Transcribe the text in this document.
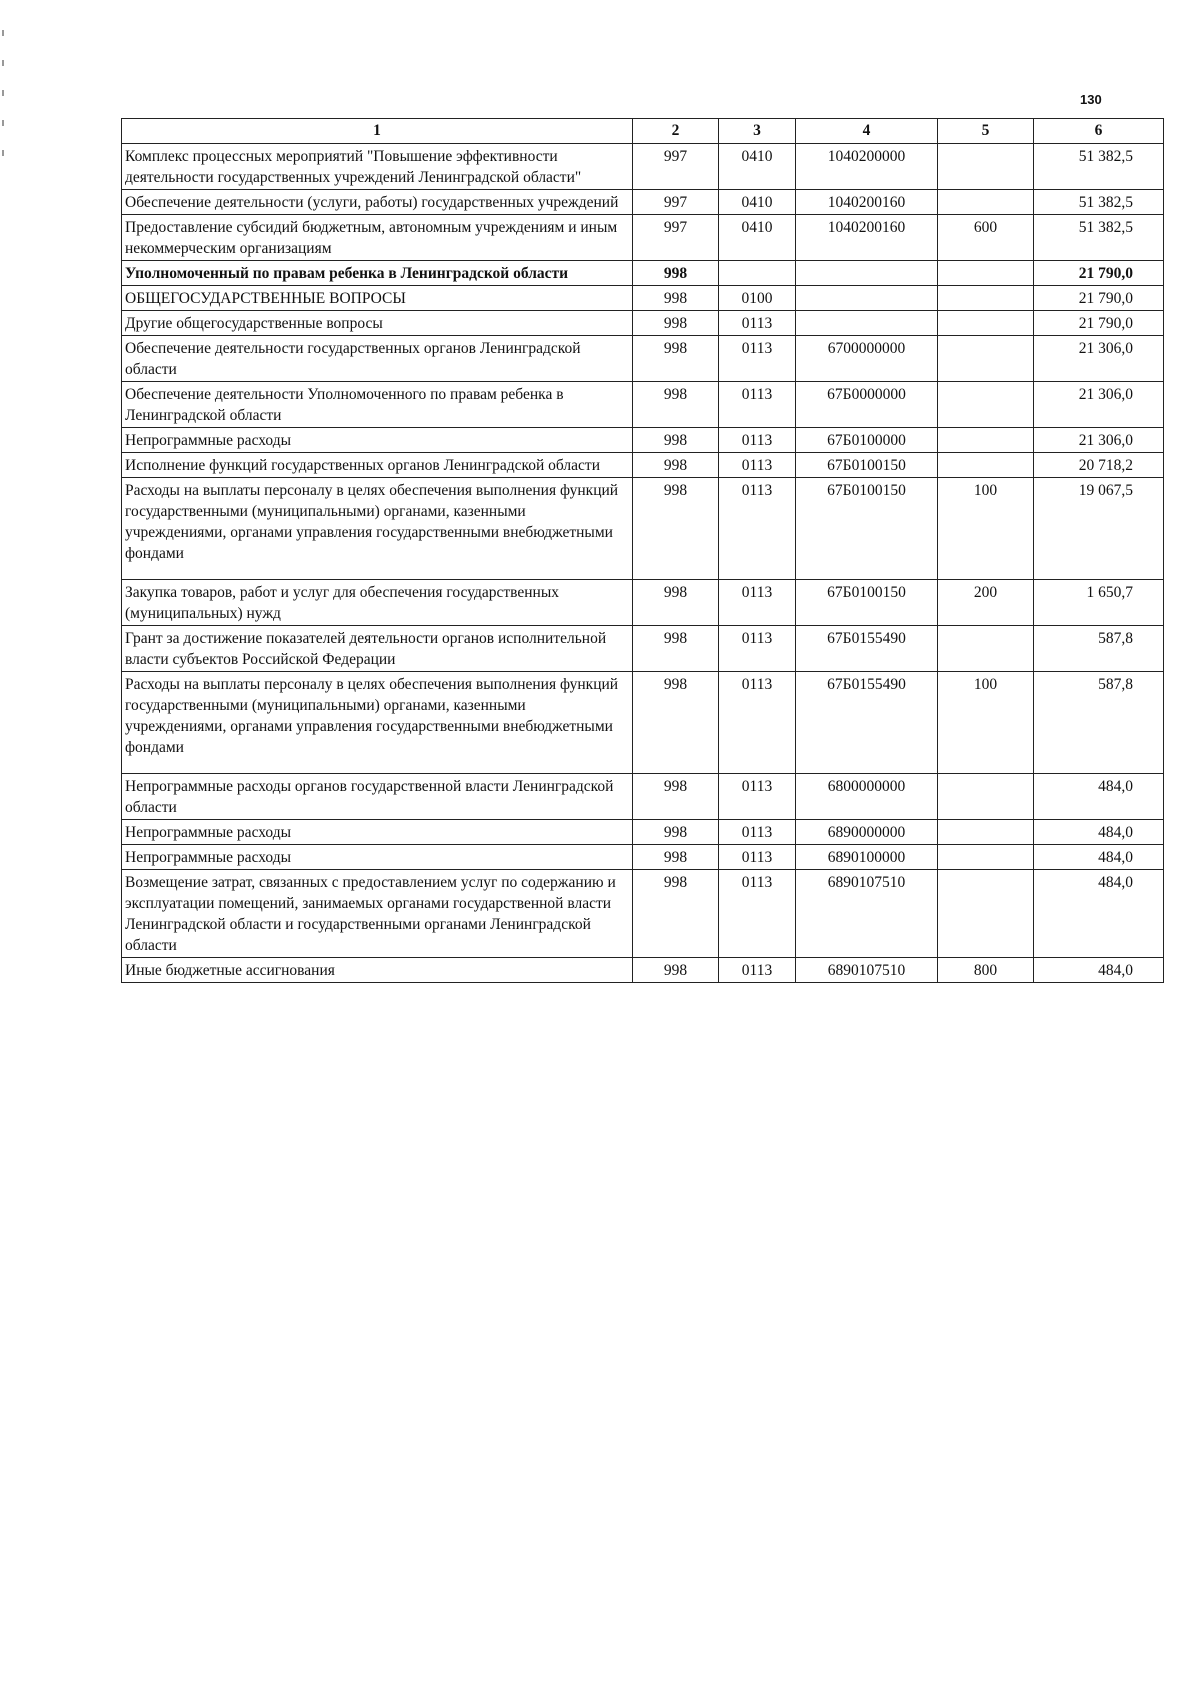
130
1	2	3	4	5	6
Комплекс процессных мероприятий "Повышение эффективности деятельности государственных учреждений Ленинградской области"	997	0410	1040200000		51 382,5
Обеспечение деятельности (услуги, работы) государственных учреждений	997	0410	1040200160		51 382,5
Предоставление субсидий бюджетным, автономным учреждениям и иным некоммерческим организациям	997	0410	1040200160	600	51 382,5
Уполномоченный по правам ребенка в Ленинградской области	998				21 790,0
ОБЩЕГОСУДАРСТВЕННЫЕ ВОПРОСЫ	998	0100			21 790,0
Другие общегосударственные вопросы	998	0113			21 790,0
Обеспечение деятельности государственных органов Ленинградской области	998	0113	6700000000		21 306,0
Обеспечение деятельности Уполномоченного по правам ребенка в Ленинградской области	998	0113	67Б0000000		21 306,0
Непрограммные расходы	998	0113	67Б0100000		21 306,0
Исполнение функций государственных органов Ленинградской области	998	0113	67Б0100150		20 718,2
Расходы на выплаты персоналу в целях обеспечения выполнения функций государственными (муниципальными) органами, казенными учреждениями, органами управления государственными внебюджетными фондами	998	0113	67Б0100150	100	19 067,5
Закупка товаров, работ и услуг для обеспечения государственных (муниципальных) нужд	998	0113	67Б0100150	200	1 650,7
Грант за достижение показателей деятельности органов исполнительной власти субъектов Российской Федерации	998	0113	67Б0155490		587,8
Расходы на выплаты персоналу в целях обеспечения выполнения функций государственными (муниципальными) органами, казенными учреждениями, органами управления государственными внебюджетными фондами	998	0113	67Б0155490	100	587,8
Непрограммные расходы органов государственной власти Ленинградской области	998	0113	6800000000		484,0
Непрограммные расходы	998	0113	6890000000		484,0
Непрограммные расходы	998	0113	6890100000		484,0
Возмещение затрат, связанных с предоставлением услуг по содержанию и эксплуатации помещений, занимаемых органами государственной власти Ленинградской области и государственными органами Ленинградской области	998	0113	6890107510		484,0
Иные бюджетные ассигнования	998	0113	6890107510	800	484,0
